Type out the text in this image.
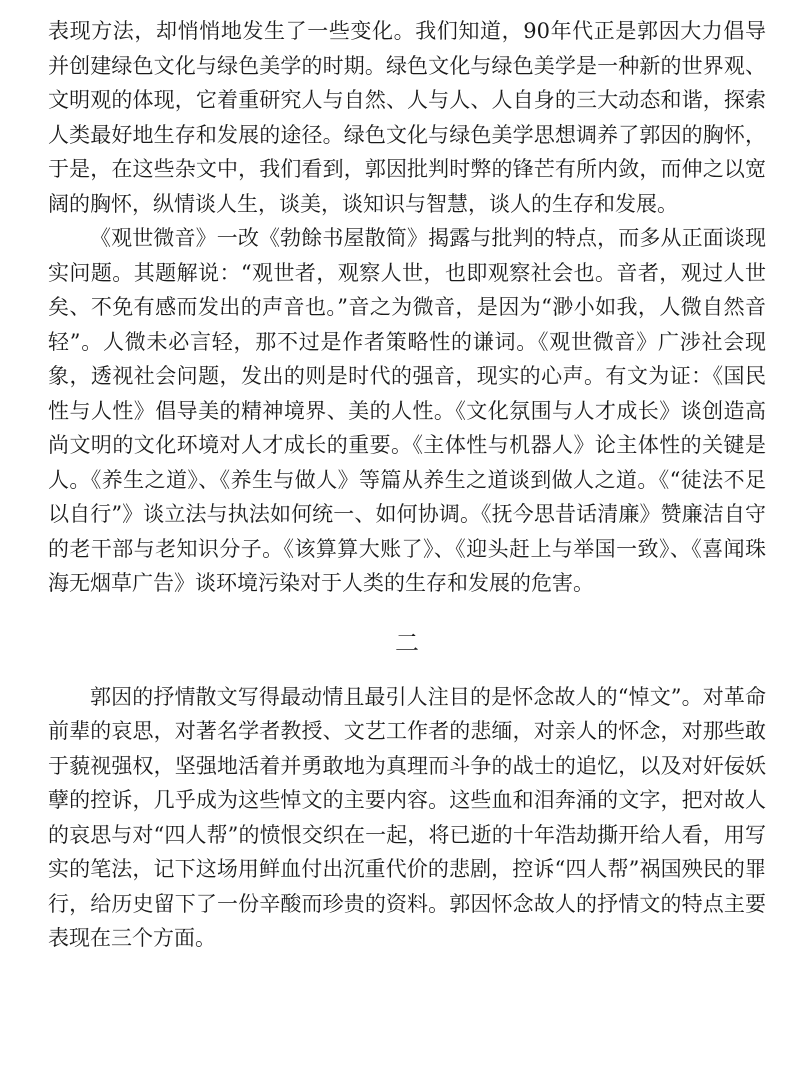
表现方法，却悄悄地发生了一些变化。我们知道，90年代正是郭因大力倡导并创建绿色文化与绿色美学的时期。绿色文化与绿色美学是一种新的世界观、文明观的体现，它着重研究人与自然、人与人、人自身的三大动态和谐，探索人类最好地生存和发展的途径。绿色文化与绿色美学思想调养了郭因的胸怀，于是，在这些杂文中，我们看到，郭因批判时弊的锋芒有所内敛，而伸之以宽阔的胸怀，纵情谈人生，谈美，谈知识与智慧，谈人的生存和发展。

《观世微音》一改《勃餘书屋散简》揭露与批判的特点，而多从正面谈现实问题。其题解说：“观世者，观察人世，也即观察社会也。音者，观过人世矣、不免有感而发出的声音也。”音之为微音，是因为“渺小如我，人微自然音轻”。人微未必言轻，那不过是作者策略性的谦词。《观世微音》广涉社会现象，透视社会问题，发出的则是时代的强音，现实的心声。有文为证：《国民性与人性》倡导美的精神境界、美的人性。《文化氛围与人才成长》谈创造高尚文明的文化环境对人才成长的重要。《主体性与机器人》论主体性的关键是人。《养生之道》、《养生与做人》等篇从养生之道谈到做人之道。《“徒法不足以自行”》谈立法与执法如何统一、如何协调。《抚今思昔话清廉》赞廉洁自守的老干部与老知识分子。《该算算大账了》、《迎头赶上与举国一致》、《喜闻珠海无烟草广告》谈环境污染对于人类的生存和发展的危害。

二

郭因的抒情散文写得最动情且最引人注目的是怀念故人的“悼文”。对革命前辈的哀思，对著名学者教授、文艺工作者的悲缅，对亲人的怀念，对那些敢于藐视强权，坚强地活着并勇敢地为真理而斗争的战士的追忆，以及对奸佞妖孽的控诉，几乎成为这些悼文的主要内容。这些血和泪奔涌的文字，把对故人的哀思与对“四人帮”的愤恨交织在一起，将已逝的十年浩劫撕开给人看，用写实的笔法，记下这场用鲜血付出沉重代价的悲剧，控诉“四人帮”祸国殃民的罪行，给历史留下了一份辛酸而珍贵的资料。郭因怀念故人的抒情文的特点主要表现在三个方面。
